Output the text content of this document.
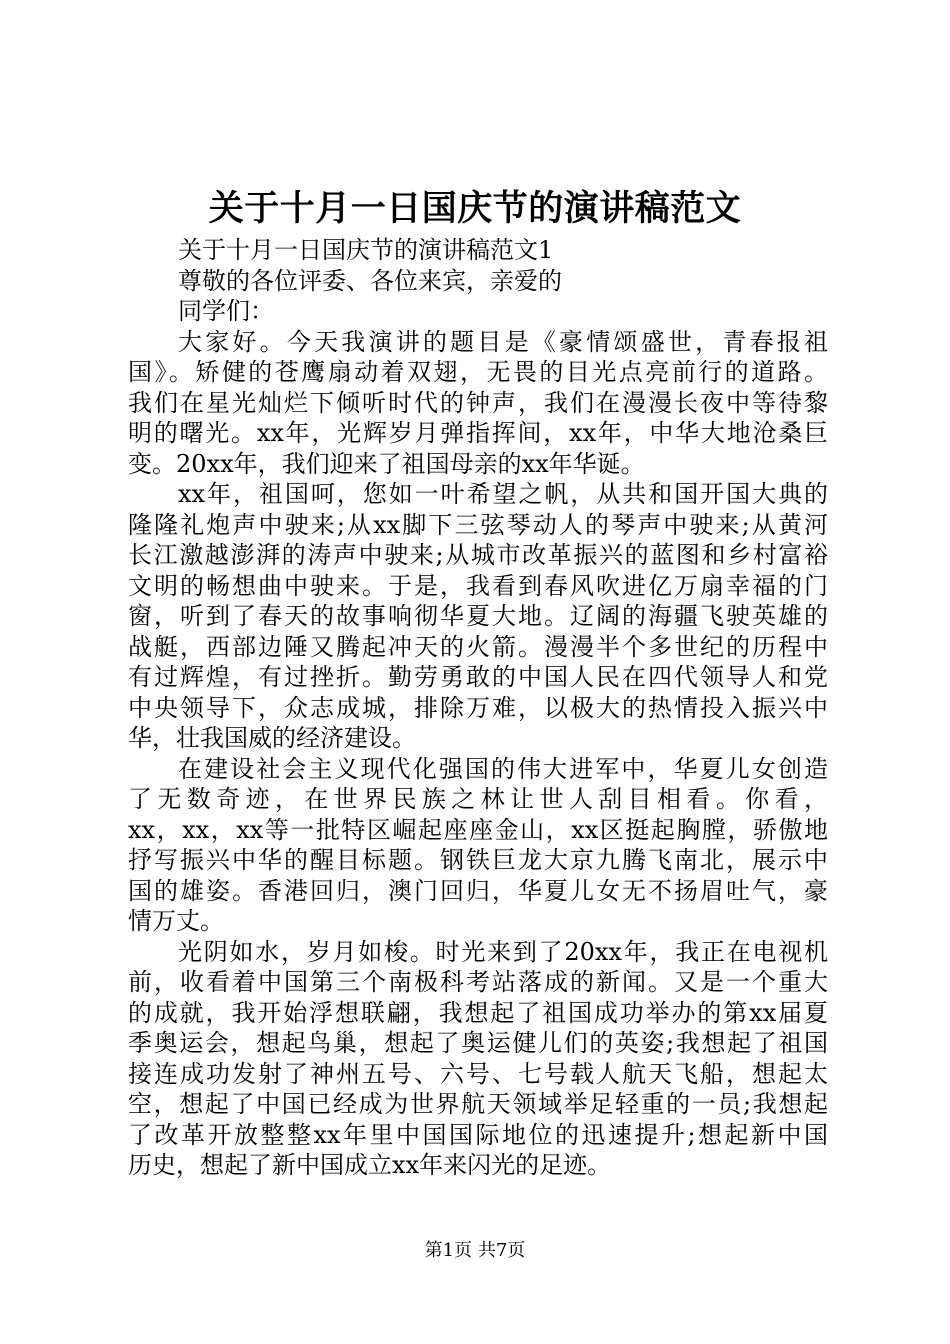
关于十月一日国庆节的演讲稿范文
关于十月一日国庆节的演讲稿范文1
尊敬的各位评委、各位来宾，亲爱的
同学们：
大家好。今天我演讲的题目是《豪情颂盛世，青春报祖
国》。矫健的苍鹰扇动着双翅，无畏的目光点亮前行的道路。
我们在星光灿烂下倾听时代的钟声，我们在漫漫长夜中等待黎
明的曙光。xx年，光辉岁月弹指挥间，xx年，中华大地沧桑巨
变。20xx年，我们迎来了祖国母亲的xx年华诞。
xx年，祖国呵，您如一叶希望之帆，从共和国开国大典的
隆隆礼炮声中驶来;从xx脚下三弦琴动人的琴声中驶来;从黄河
长江激越澎湃的涛声中驶来;从城市改革振兴的蓝图和乡村富裕
文明的畅想曲中驶来。于是，我看到春风吹进亿万扇幸福的门
窗，听到了春天的故事响彻华夏大地。辽阔的海疆飞驶英雄的
战艇，西部边陲又腾起冲天的火箭。漫漫半个多世纪的历程中
有过辉煌，有过挫折。勤劳勇敢的中国人民在四代领导人和党
中央领导下，众志成城，排除万难，以极大的热情投入振兴中
华，壮我国威的经济建设。
在建设社会主义现代化强国的伟大进军中，华夏儿女创造
了无数奇迹，在世界民族之林让世人刮目相看。你看，
xx，xx，xx等一批特区崛起座座金山，xx区挺起胸膛，骄傲地
抒写振兴中华的醒目标题。钢铁巨龙大京九腾飞南北，展示中
国的雄姿。香港回归，澳门回归，华夏儿女无不扬眉吐气，豪
情万丈。
光阴如水，岁月如梭。时光来到了20xx年，我正在电视机
前，收看着中国第三个南极科考站落成的新闻。又是一个重大
的成就，我开始浮想联翩，我想起了祖国成功举办的第xx届夏
季奥运会，想起鸟巢，想起了奥运健儿们的英姿;我想起了祖国
接连成功发射了神州五号、六号、七号载人航天飞船，想起太
空，想起了中国已经成为世界航天领域举足轻重的一员;我想起
了改革开放整整xx年里中国国际地位的迅速提升;想起新中国
历史，想起了新中国成立xx年来闪光的足迹。
第1页 共7页
